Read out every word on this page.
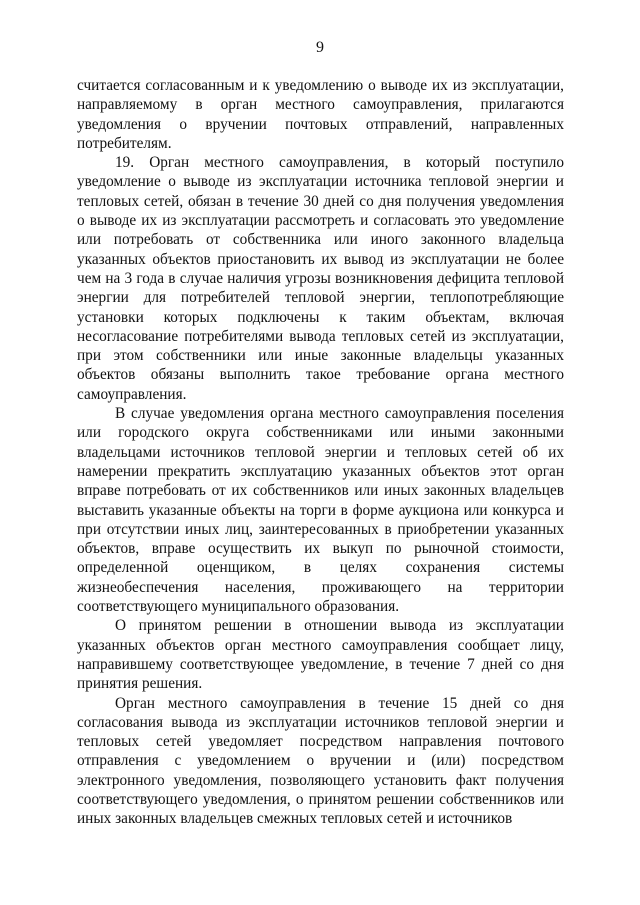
9

считается согласованным и к уведомлению о выводе их из эксплуатации, направляемому в орган местного самоуправления, прилагаются уведомления о вручении почтовых отправлений, направленных потребителям.

19. Орган местного самоуправления, в который поступило уведомление о выводе из эксплуатации источника тепловой энергии и тепловых сетей, обязан в течение 30 дней со дня получения уведомления о выводе их из эксплуатации рассмотреть и согласовать это уведомление или потребовать от собственника или иного законного владельца указанных объектов приостановить их вывод из эксплуатации не более чем на 3 года в случае наличия угрозы возникновения дефицита тепловой энергии для потребителей тепловой энергии, теплопотребляющие установки которых подключены к таким объектам, включая несогласование потребителями вывода тепловых сетей из эксплуатации, при этом собственники или иные законные владельцы указанных объектов обязаны выполнить такое требование органа местного самоуправления.

В случае уведомления органа местного самоуправления поселения или городского округа собственниками или иными законными владельцами источников тепловой энергии и тепловых сетей об их намерении прекратить эксплуатацию указанных объектов этот орган вправе потребовать от их собственников или иных законных владельцев выставить указанные объекты на торги в форме аукциона или конкурса и при отсутствии иных лиц, заинтересованных в приобретении указанных объектов, вправе осуществить их выкуп по рыночной стоимости, определенной оценщиком, в целях сохранения системы жизнеобеспечения населения, проживающего на территории соответствующего муниципального образования.

О принятом решении в отношении вывода из эксплуатации указанных объектов орган местного самоуправления сообщает лицу, направившему соответствующее уведомление, в течение 7 дней со дня принятия решения.

Орган местного самоуправления в течение 15 дней со дня согласования вывода из эксплуатации источников тепловой энергии и тепловых сетей уведомляет посредством направления почтового отправления с уведомлением о вручении и (или) посредством электронного уведомления, позволяющего установить факт получения соответствующего уведомления, о принятом решении собственников или иных законных владельцев смежных тепловых сетей и источников
